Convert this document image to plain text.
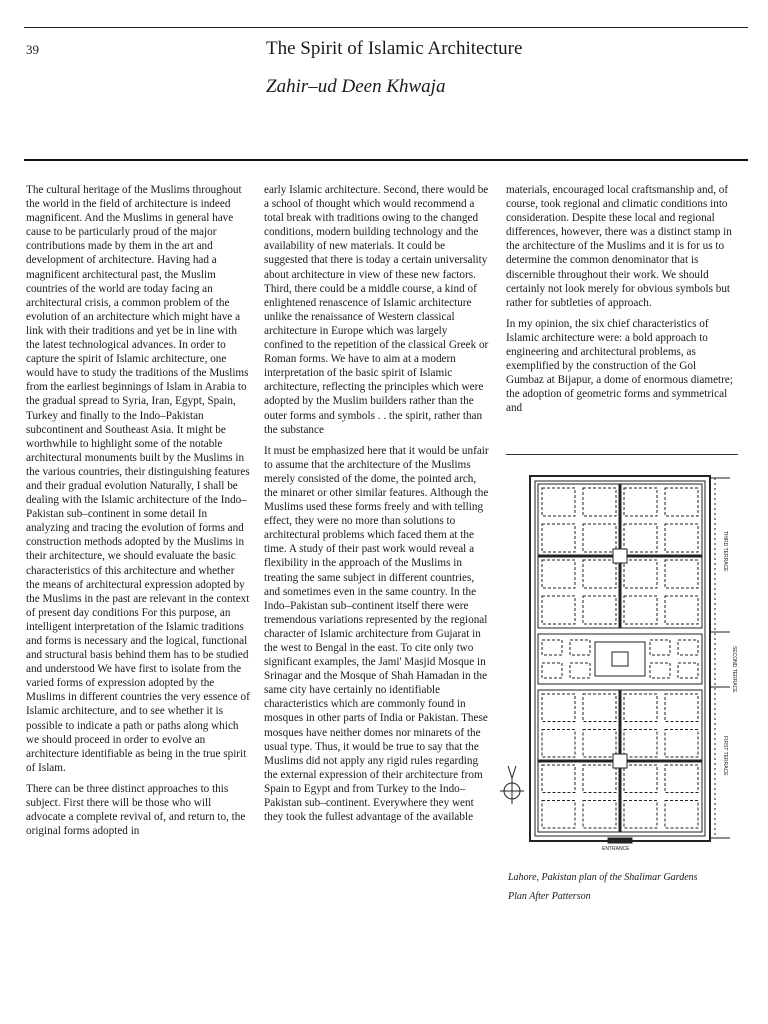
39	The Spirit of Islamic Architecture
Zahir–ud Deen Khwaja

The cultural heritage of the Muslims throughout the world in the field of architecture is indeed magnificent. And the Muslims in general have cause to be particularly proud of the major contributions made by them in the art and development of architecture. Having had a magnificent architectural past, the Muslim countries of the world are today facing an architectural crisis, a common problem of the evolution of an architecture which might have a link with their traditions and yet be in line with the latest technological advances. In order to capture the spirit of Islamic architecture, one would have to study the traditions of the Muslims from the earliest beginnings of Islam in Arabia to the gradual spread to Syria, Iran, Egypt, Spain, Turkey and finally to the Indo–Pakistan subcontinent and Southeast Asia. It might be worthwhile to highlight some of the notable architectural monuments built by the Muslims in the various countries, their distinguishing features and their gradual evolution Naturally, I shall be dealing with the Islamic architecture of the Indo–Pakistan sub–continent in some detail In analyzing and tracing the evolution of forms and construction methods adopted by the Muslims in their architecture, we should evaluate the basic characteristics of this architecture and whether the means of architectural expression adopted by the Muslims in the past are relevant in the context of present day conditions For this purpose, an intelligent interpretation of the Islamic traditions and forms is necessary and the logical, functional and structural basis behind them has to be studied and understood We have first to isolate from the varied forms of expression adopted by the Muslims in different countries the very essence of Islamic architecture, and to see whether it is possible to indicate a path or paths along which we should proceed in order to evolve an architecture identifiable as being in the true spirit of Islam.

There can be three distinct approaches to this subject. First there will be those who will advocate a complete revival of, and return to, the original forms adopted in

early Islamic architecture. Second, there would be a school of thought which would recommend a total break with traditions owing to the changed conditions, modern building technology and the availability of new materials. It could be suggested that there is today a certain universality about architecture in view of these new factors. Third, there could be a middle course, a kind of enlightened renascence of Islamic architecture unlike the renaissance of Western classical architecture in Europe which was largely confined to the repetition of the classical Greek or Roman forms. We have to aim at a modern interpretation of the basic spirit of Islamic architecture, reflecting the principles which were adopted by the Muslim builders rather than the outer forms and symbols . . the spirit, rather than the substance

It must be emphasized here that it would be unfair to assume that the architecture of the Muslims merely consisted of the dome, the pointed arch, the minaret or other similar features. Although the Muslims used these forms freely and with telling effect, they were no more than solutions to architectural problems which faced them at the time. A study of their past work would reveal a flexibility in the approach of the Muslims in treating the same subject in different countries, and sometimes even in the same country. In the Indo–Pakistan sub–continent itself there were tremendous variations represented by the regional character of Islamic architecture from Gujarat in the west to Bengal in the east. To cite only two significant examples, the Jami' Masjid Mosque in Srinagar and the Mosque of Shah Hamadan in the same city have certainly no identifiable characteristics which are commonly found in mosques in other parts of India or Pakistan. These mosques have neither domes nor minarets of the usual type. Thus, it would be true to say that the Muslims did not apply any rigid rules regarding the external expression of their architecture from Spain to Egypt and from Turkey to the Indo–Pakistan sub–continent. Everywhere they went they took the fullest advantage of the available

materials, encouraged local craftsmanship and, of course, took regional and climatic conditions into consideration. Despite these local and regional differences, however, there was a distinct stamp in the architecture of the Muslims and it is for us to determine the common denominator that is discernible throughout their work. We should certainly not look merely for obvious symbols but rather for subtleties of approach.

In my opinion, the six chief characteristics of Islamic architecture were: a bold approach to engineering and architectural problems, as exemplified by the construction of the Gol Gumbaz at Bijapur, a dome of enormous diametre; the adoption of geometric forms and symmetrical and

THIRD TERRACE
SECOND TERRACE
FIRST TERRACE
ENTRANCE
Lahore, Pakistan plan of the Shalimar Gardens
Plan After Patterson
